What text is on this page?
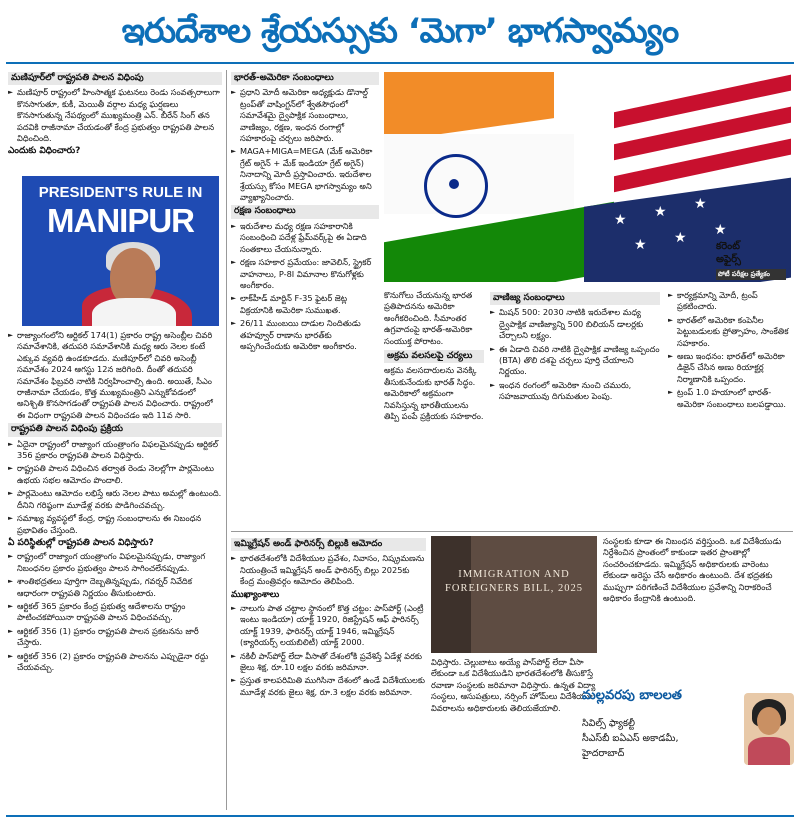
ఇరుదేశాల శ్రేయస్సుకు ‘మెగా’ భాగస్వామ్యం
మణిపూర్‌లో రాష్ట్రపతి పాలన విధింపు
► మణిపూర్ రాష్ట్రంలో హింసాత్మక ఘటనలు రెండు సంవత్సరాలుగా కొనసాగుతూ, కుకీ, మెయితీ వర్గాల మధ్య ఘర్షణలు కొనసాగుతున్న నేపథ్యంలో ముఖ్యమంత్రి ఎన్. బీరేన్ సింగ్ తన పదవికి రాజీనామా చేయడంతో కేంద్ర ప్రభుత్వం రాష్ట్రపతి పాలన విధించింది.
ఎందుకు విధించారు?
PRESIDENT'S RULE IN
MANIPUR
► రాజ్యాంగంలోని ఆర్టికల్ 174(1) ప్రకారం రాష్ట్ర అసెంబ్లీల చివరి సమావేశానికి, తదుపరి సమావేశానికి మధ్య ఆరు నెలల కంటే ఎక్కువ వ్యవధి ఉండకూడదు. మణిపూర్‌లో చివరి అసెంబ్లీ సమావేశం 2024 ఆగస్టు 12న జరిగింది. దీంతో తదుపరి సమావేశం ఫిబ్రవరి నాటికి నిర్వహించాల్సి ఉంది. అయితే, సీఎం రాజీనామా చేయడం, కొత్త ముఖ్యమంత్రిని ఎన్నుకోవడంలో అనిశ్చితి కొనసాగడంతో రాష్ట్రపతి పాలన విధించారు. రాష్ట్రంలో ఈ విధంగా రాష్ట్రపతి పాలన విధించడం ఇది 11వ సారి.
రాష్ట్రపతి పాలన విధింపు ప్రక్రియ
► ఏదైనా రాష్ట్రంలో రాజ్యాంగ యంత్రాంగం విఫలమైనప్పుడు ఆర్టికల్ 356 ప్రకారం రాష్ట్రపతి పాలన విధిస్తారు.
► రాష్ట్రపతి పాలన విధించిన తర్వాత రెండు నెలల్లోగా పార్లమెంటు ఉభయ సభల ఆమోదం పొందాలి.
► పార్లమెంటు ఆమోదం లభిస్తే ఆరు నెలల పాటు అమల్లో ఉంటుంది. దీనిని గరిష్ఠంగా మూడేళ్ల వరకు పొడిగించవచ్చు.
► సమాఖ్య వ్యవస్థలో కేంద్ర, రాష్ట్ర సంబంధాలను ఈ నిబంధన ప్రభావితం చేస్తుంది.
ఏ పరిస్థితుల్లో రాష్ట్రపతి పాలన విధిస్తారు?
► రాష్ట్రంలో రాజ్యాంగ యంత్రాంగం విఫలమైనప్పుడు, రాజ్యాంగ నిబంధనల ప్రకారం ప్రభుత్వం పాలన సాగించలేనప్పుడు.
► శాంతిభద్రతలు పూర్తిగా దెబ్బతిన్నప్పుడు, గవర్నర్ నివేదిక ఆధారంగా రాష్ట్రపతి నిర్ణయం తీసుకుంటారు.
► ఆర్టికల్ 365 ప్రకారం కేంద్ర ప్రభుత్వ ఆదేశాలను రాష్ట్రం పాటించకపోయినా రాష్ట్రపతి పాలన విధించవచ్చు.
► ఆర్టికల్ 356 (1) ప్రకారం రాష్ట్రపతి పాలన ప్రకటనను జారీ చేస్తారు.
► ఆర్టికల్ 356 (2) ప్రకారం రాష్ట్రపతి పాలనను ఎప్పుడైనా రద్దు చేయవచ్చు.
భారత్-అమెరికా సంబంధాలు
► ప్రధాని మోదీ అమెరికా అధ్యక్షుడు డొనాల్డ్ ట్రంప్‌తో వాషింగ్టన్‌లో శ్వేతసౌధంలో సమావేశమై ద్వైపాక్షిక సంబంధాలు, వాణిజ్యం, రక్షణ, ఇంధన రంగాల్లో సహకారంపై చర్చలు జరిపారు.
► MAGA+MIGA=MEGA (మేక్ అమెరికా గ్రేట్ అగైన్ + మేక్ ఇండియా గ్రేట్ అగైన్) నినాదాన్ని మోదీ ప్రస్తావించారు. ఇరుదేశాల శ్రేయస్సు కోసం MEGA భాగస్వామ్యం అని వ్యాఖ్యానించారు.
రక్షణ సంబంధాలు
► ఇరుదేశాల మధ్య రక్షణ సహకారానికి సంబంధించి పదేళ్ల ఫ్రేమ్‌వర్క్‌పై ఈ ఏడాది సంతకాలు చేయనున్నారు.
► రక్షణ సహకార ప్రమేయం: జావెలిన్, స్ట్రైకర్ వాహనాలు, P-8I విమానాల కొనుగోళ్లకు అంగీకారం.
► లాక్‌హీడ్ మార్టిన్ F-35 ఫైటర్ జెట్ల విక్రయానికి అమెరికా సుముఖత.
► 26/11 ముంబయి దాడుల నిందితుడు తహవ్వూర్ రాణాను భారత్‌కు అప్పగించేందుకు అమెరికా అంగీకారం.
★ ★ ★
★ ★ ★
కరెంట్
అఫైర్స్
పోటీ పరీక్షల ప్రత్యేకం

కొనుగోలు చేయనున్న భారత ప్రతిపాదనను అమెరికా అంగీకరించింది. సీమాంతర ఉగ్రవాదంపై భారత్-అమెరికా సంయుక్త పోరాటం.

అక్రమ వలసలపై చర్యలు

అక్రమ వలసదారులను వెనక్కి తీసుకునేందుకు భారత్ సిద్ధం. అమెరికాలో అక్రమంగా నివసిస్తున్న భారతీయులను తిప్పి పంపే ప్రక్రియకు సహకారం.

వాణిజ్య సంబంధాలు
► మిషన్ 500: 2030 నాటికి ఇరుదేశాల మధ్య ద్వైపాక్షిక వాణిజ్యాన్ని 500 బిలియన్ డాలర్లకు చేర్చాలని లక్ష్యం.
► ఈ ఏడాది చివరి నాటికి ద్వైపాక్షిక వాణిజ్య ఒప్పందం (BTA) తొలి దశపై చర్చలు పూర్తి చేయాలని నిర్ణయం.
► ఇంధన రంగంలో అమెరికా నుంచి చమురు, సహజవాయువు దిగుమతుల పెంపు.
► కార్యక్రమాన్ని మోదీ, ట్రంప్ ప్రకటించారు.
► భారత్‌లో అమెరికా కంపెనీల పెట్టుబడులకు ప్రోత్సాహం, సాంకేతిక సహకారం.
► అణు ఇంధనం: భారత్‌లో అమెరికా డిజైన్ చేసిన అణు రియాక్టర్ల నిర్మాణానికి ఒప్పందం.
► ట్రంప్ 1.0 హయాంలో భారత్-అమెరికా సంబంధాలు బలపడ్డాయి.
ఇమ్మిగ్రేషన్ అండ్ ఫారినర్స్ బిల్లుకి ఆమోదం
► భారతదేశంలోకి విదేశీయుల ప్రవేశం, నివాసం, నిష్క్రమణను నియంత్రించే ఇమ్మిగ్రేషన్ అండ్ ఫారినర్స్ బిల్లు 2025కు కేంద్ర మంత్రివర్గం ఆమోదం తెలిపింది.
ముఖ్యాంశాలు
► నాలుగు పాత చట్టాల స్థానంలో కొత్త చట్టం: పాస్‌పోర్ట్ (ఎంట్రీ ఇంటు ఇండియా) యాక్ట్ 1920, రిజిస్ట్రేషన్ ఆఫ్ ఫారినర్స్ యాక్ట్ 1939, ఫారినర్స్ యాక్ట్ 1946, ఇమ్మిగ్రేషన్ (క్యారియర్స్ లయబిలిటీ) యాక్ట్ 2000.
► నకిలీ పాస్‌పోర్ట్ లేదా వీసాతో దేశంలోకి ప్రవేశిస్తే ఏడేళ్ల వరకు జైలు శిక్ష, రూ.10 లక్షల వరకు జరిమానా.
► ప్రస్తుత కాలపరిమితి ముగిసినా దేశంలో ఉండే విదేశీయులకు మూడేళ్ల వరకు జైలు శిక్ష, రూ.3 లక్షల వరకు జరిమానా.
IMMIGRATION AND FOREIGNERS BILL, 2025

విధిస్తారు. చెల్లుబాటు అయ్యే పాస్‌పోర్ట్ లేదా వీసా లేకుండా ఒక విదేశీయుడిని భారతదేశంలోకి తీసుకొస్తే రవాణా సంస్థలకు జరిమానా విధిస్తారు. ఉన్నత విద్యా సంస్థలు, ఆసుపత్రులు, నర్సింగ్ హోమ్‌లు విదేశీయుల వివరాలను అధికారులకు తెలియజేయాలి.

సంస్థలకు కూడా ఈ నిబంధన వర్తిస్తుంది. ఒక విదేశీయుడు నిర్దేశించిన ప్రాంతంలో కాకుండా ఇతర ప్రాంతాల్లో సంచరించకూడదు. ఇమ్మిగ్రేషన్ అధికారులకు వారెంటు లేకుండా అరెస్టు చేసే అధికారం ఉంటుంది. దేశ భద్రతకు ముప్పుగా పరిగణించే విదేశీయుల ప్రవేశాన్ని నిరాకరించే అధికారం కేంద్రానికి ఉంటుంది.

మల్లవరపు బాలలత
సివిల్స్ ఫ్యాకల్టీ
సీఎస్‌బీ ఐఏఎస్ అకాడమీ,
హైదరాబాద్
